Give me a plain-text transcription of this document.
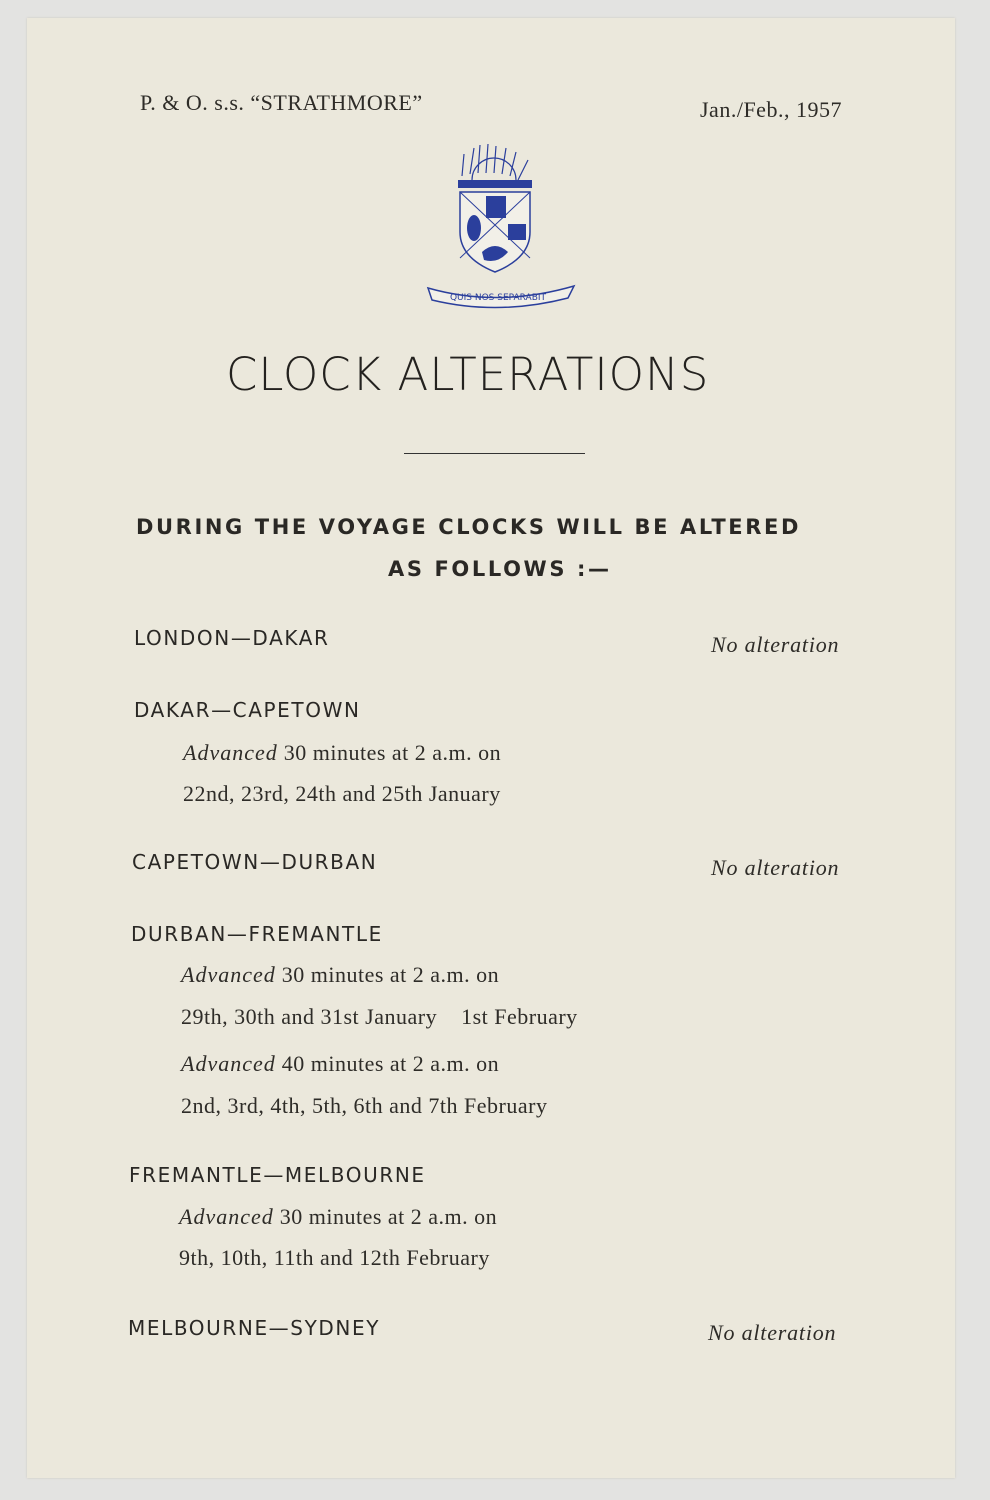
P. & O. s.s. “STRATHMORE”	Jan./Feb., 1957
QUIS NOS SEPARABIT
CLOCK ALTERATIONS
DURING THE VOYAGE CLOCKS WILL BE ALTERED
AS FOLLOWS :—
LONDON—DAKAR	No alteration
DAKAR—CAPETOWN
Advanced 30 minutes at 2 a.m. on
22nd, 23rd, 24th and 25th January
CAPETOWN—DURBAN	No alteration
DURBAN—FREMANTLE
Advanced 30 minutes at 2 a.m. on
29th, 30th and 31st January    1st February
Advanced 40 minutes at 2 a.m. on
2nd, 3rd, 4th, 5th, 6th and 7th February
FREMANTLE—MELBOURNE
Advanced 30 minutes at 2 a.m. on
9th, 10th, 11th and 12th February
MELBOURNE—SYDNEY	No alteration
